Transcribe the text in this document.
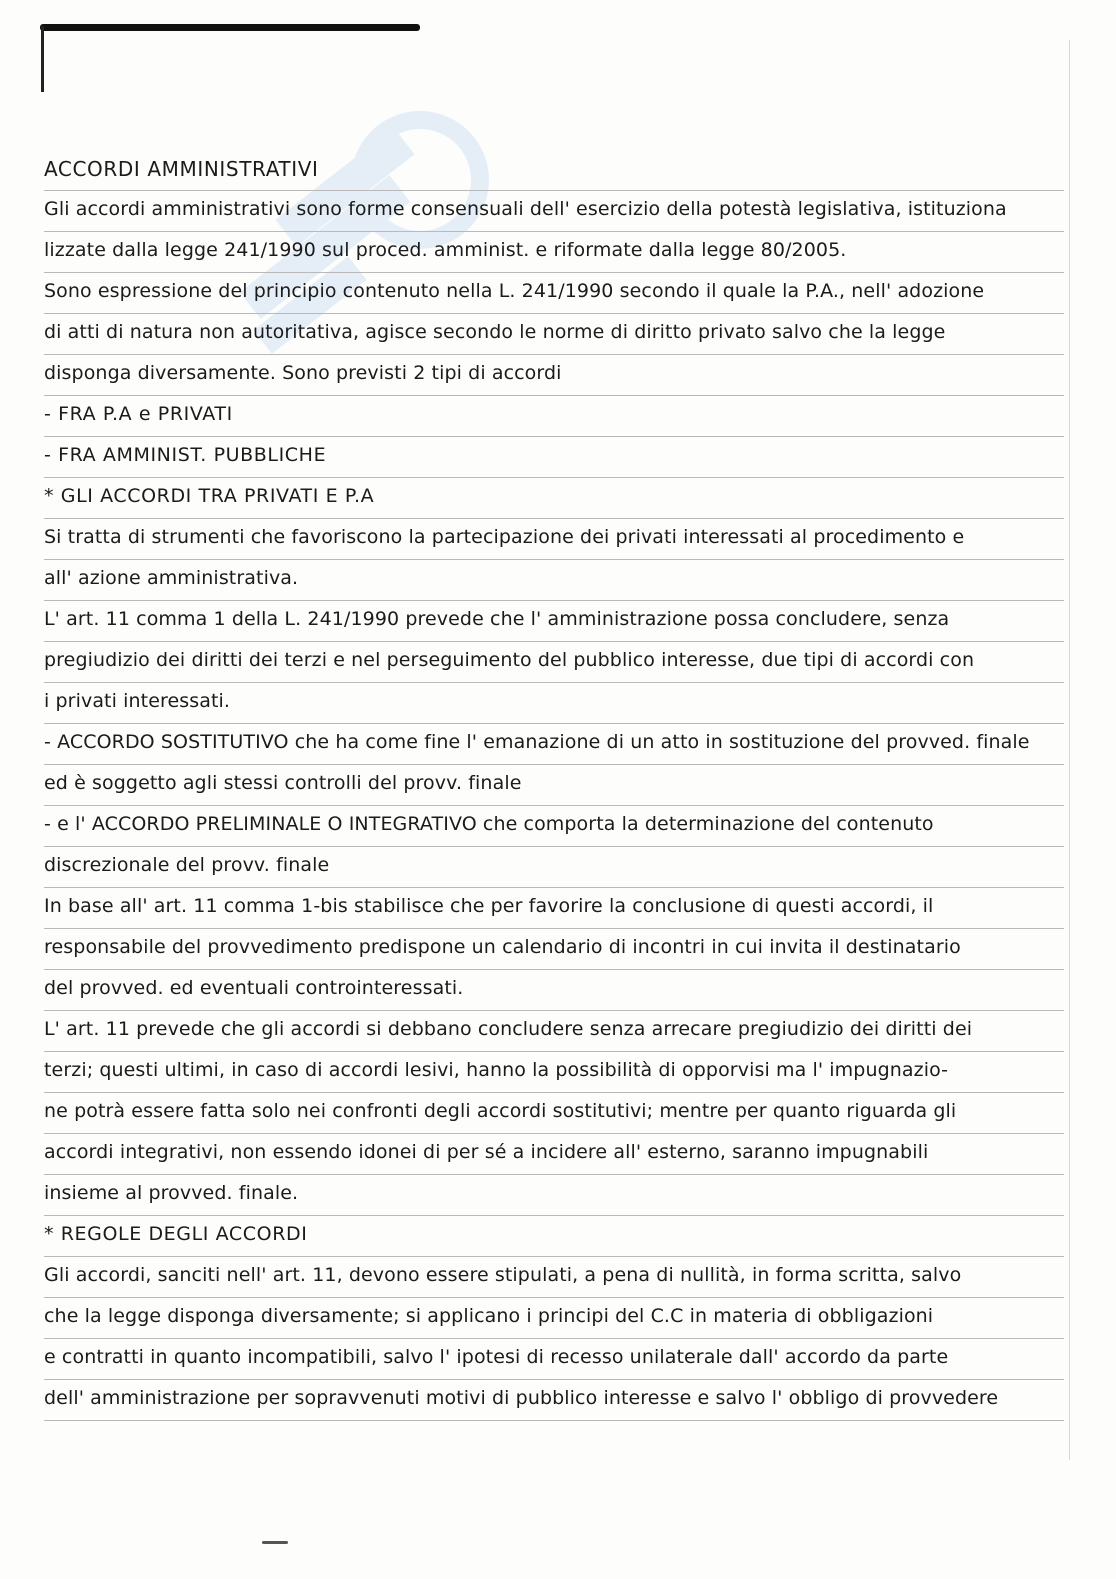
ACCORDI AMMINISTRATIVI
Gli accordi amministrativi sono forme consensuali dell' esercizio della potestà legislativa, istituziona
lizzate dalla legge 241/1990 sul proced. amminist. e riformate dalla legge 80/2005.
Sono espressione del principio contenuto nella L. 241/1990 secondo il quale la P.A., nell' adozione
di atti di natura non autoritativa, agisce secondo le norme di diritto privato salvo che la legge
disponga diversamente. Sono previsti 2 tipi di accordi
- FRA P.A e PRIVATI
- FRA AMMINIST. PUBBLICHE
* GLI ACCORDI TRA PRIVATI E P.A
Si tratta di strumenti che favoriscono la partecipazione dei privati interessati al procedimento e
all' azione amministrativa.
L' art. 11 comma 1 della L. 241/1990 prevede che l' amministrazione possa concludere, senza
pregiudizio dei diritti dei terzi e nel perseguimento del pubblico interesse, due tipi di accordi con
i privati interessati.
- ACCORDO SOSTITUTIVO che ha come fine l' emanazione di un atto in sostituzione del provved. finale
ed è soggetto agli stessi controlli del provv. finale
- e l' ACCORDO PRELIMINALE O INTEGRATIVO che comporta la determinazione del contenuto
discrezionale del provv. finale
In base all' art. 11 comma 1-bis stabilisce che per favorire la conclusione di questi accordi, il
responsabile del provvedimento predispone un calendario di incontri in cui invita il destinatario
del provved. ed eventuali controinteressati.
L' art. 11 prevede che gli accordi si debbano concludere senza arrecare pregiudizio dei diritti dei
terzi; questi ultimi, in caso di accordi lesivi, hanno la possibilità di opporvisi ma l' impugnazio-
ne potrà essere fatta solo nei confronti degli accordi sostitutivi; mentre per quanto riguarda gli
accordi integrativi, non essendo idonei di per sé a incidere all' esterno, saranno impugnabili
insieme al provved. finale.
* REGOLE DEGLI ACCORDI
Gli accordi, sanciti nell' art. 11, devono essere stipulati, a pena di nullità, in forma scritta, salvo
che la legge disponga diversamente; si applicano i principi del C.C in materia di obbligazioni
e contratti in quanto incompatibili, salvo l' ipotesi di recesso unilaterale dall' accordo da parte
dell' amministrazione per sopravvenuti motivi di pubblico interesse e salvo l' obbligo di provvedere
